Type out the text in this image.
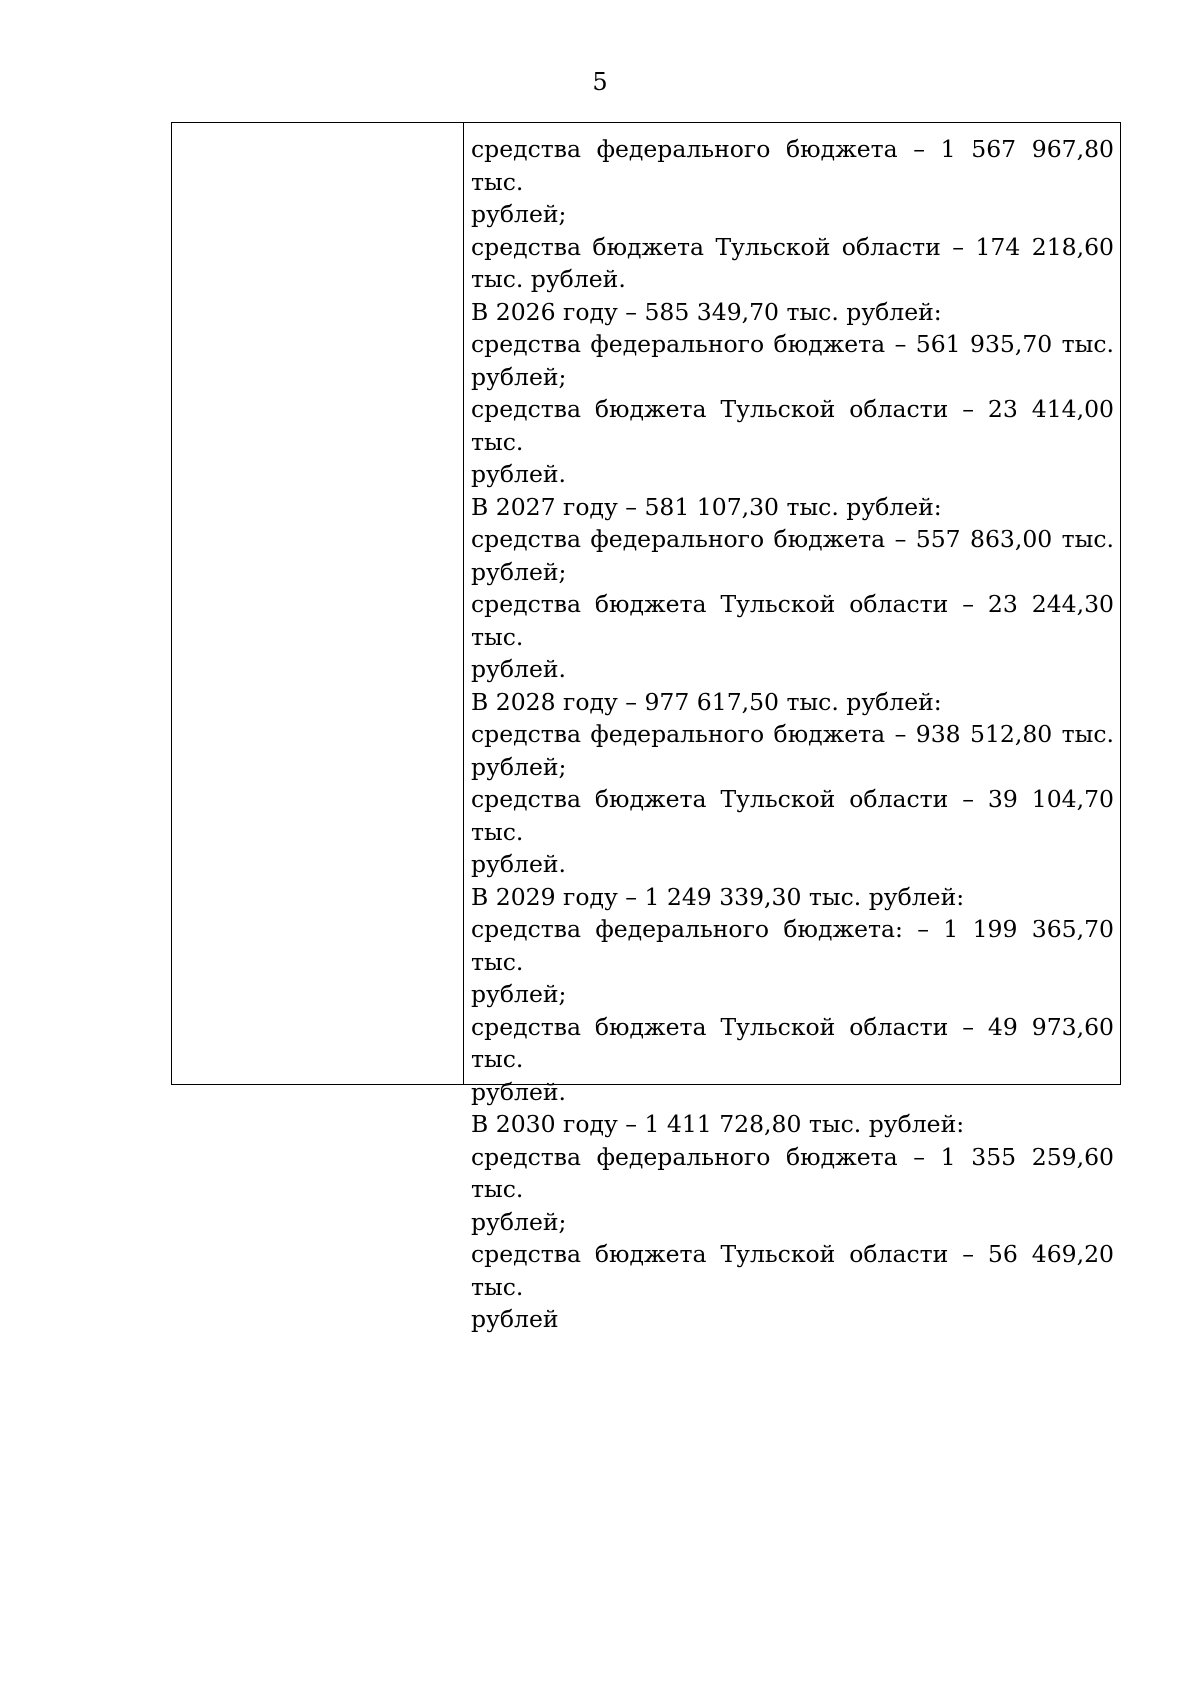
5
средства федерального бюджета – 1 567 967,80 тыс.
рублей;
средства бюджета Тульской области – 174 218,60
тыс. рублей.
В 2026 году – 585 349,70 тыс. рублей:
средства федерального бюджета – 561 935,70 тыс.
рублей;
средства бюджета Тульской области – 23 414,00 тыс.
рублей.
В 2027 году – 581 107,30 тыс. рублей:
средства федерального бюджета – 557 863,00 тыс.
рублей;
средства бюджета Тульской области – 23 244,30 тыс.
рублей.
В 2028 году – 977 617,50 тыс. рублей:
средства федерального бюджета – 938 512,80 тыс.
рублей;
средства бюджета Тульской области – 39 104,70 тыс.
рублей.
В 2029 году – 1 249 339,30 тыс. рублей:
средства федерального бюджета: – 1 199 365,70 тыс.
рублей;
средства бюджета Тульской области – 49 973,60 тыс.
рублей.
В 2030 году – 1 411 728,80 тыс. рублей:
средства федерального бюджета – 1 355 259,60 тыс.
рублей;
средства бюджета Тульской области – 56 469,20 тыс.
рублей
